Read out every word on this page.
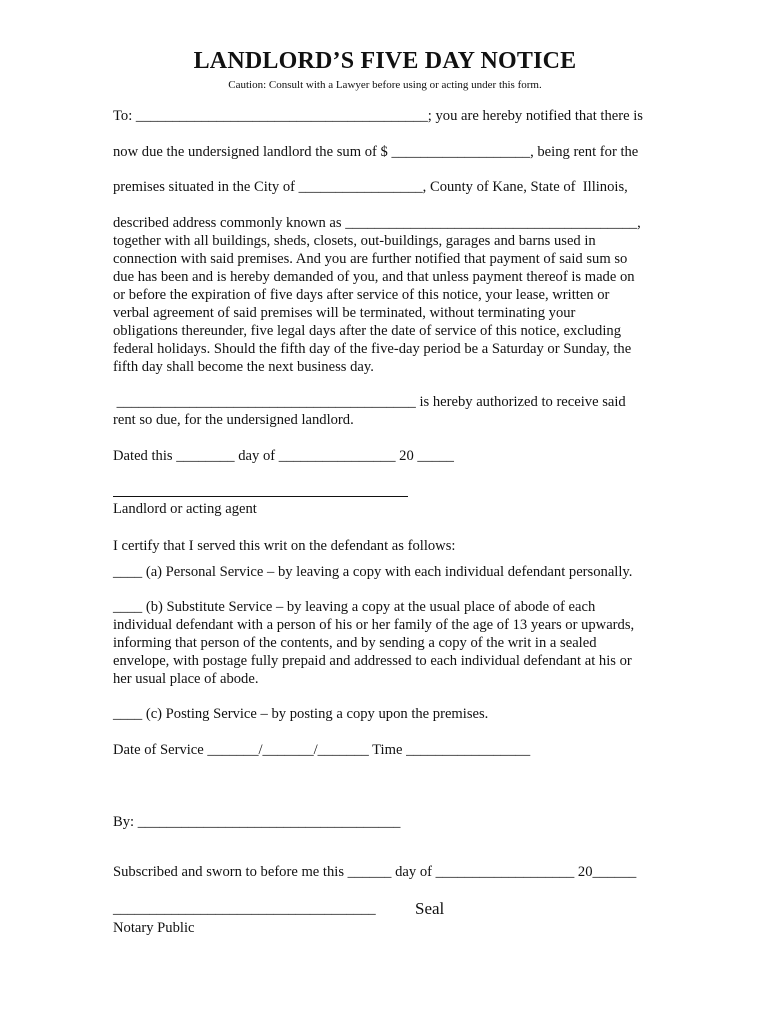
LANDLORD’S FIVE DAY NOTICE
Caution: Consult with a Lawyer before using or acting under this form.
To: ________________________________________; you are hereby notified that there is
now due the undersigned landlord the sum of $ ___________________, being rent for the
premises situated in the City of _________________, County of Kane, State of  Illinois,
described address commonly known as ________________________________________,
together with all buildings, sheds, closets, out-buildings, garages and barns used in
connection with said premises. And you are further notified that payment of said sum so
due has been and is hereby demanded of you, and that unless payment thereof is made on
or before the expiration of five days after service of this notice, your lease, written or
verbal agreement of said premises will be terminated, without terminating your
obligations thereunder, five legal days after the date of service of this notice, excluding
federal holidays. Should the fifth day of the five-day period be a Saturday or Sunday, the
fifth day shall become the next business day.
_________________________________________ is hereby authorized to receive said
rent so due, for the undersigned landlord.
Dated this ________ day of ________________ 20 _____
Landlord or acting agent
I certify that I served this writ on the defendant as follows:
____ (a) Personal Service – by leaving a copy with each individual defendant personally.
____ (b) Substitute Service – by leaving a copy at the usual place of abode of each
individual defendant with a person of his or her family of the age of 13 years or upwards,
informing that person of the contents, and by sending a copy of the writ in a sealed
envelope, with postage fully prepaid and addressed to each individual defendant at his or
her usual place of abode.
____ (c) Posting Service – by posting a copy upon the premises.
Date of Service _______/_______/_______ Time _________________
By: ____________________________________
Subscribed and sworn to before me this ______ day of ___________________ 20______
____________________________________ Seal
Notary Public
